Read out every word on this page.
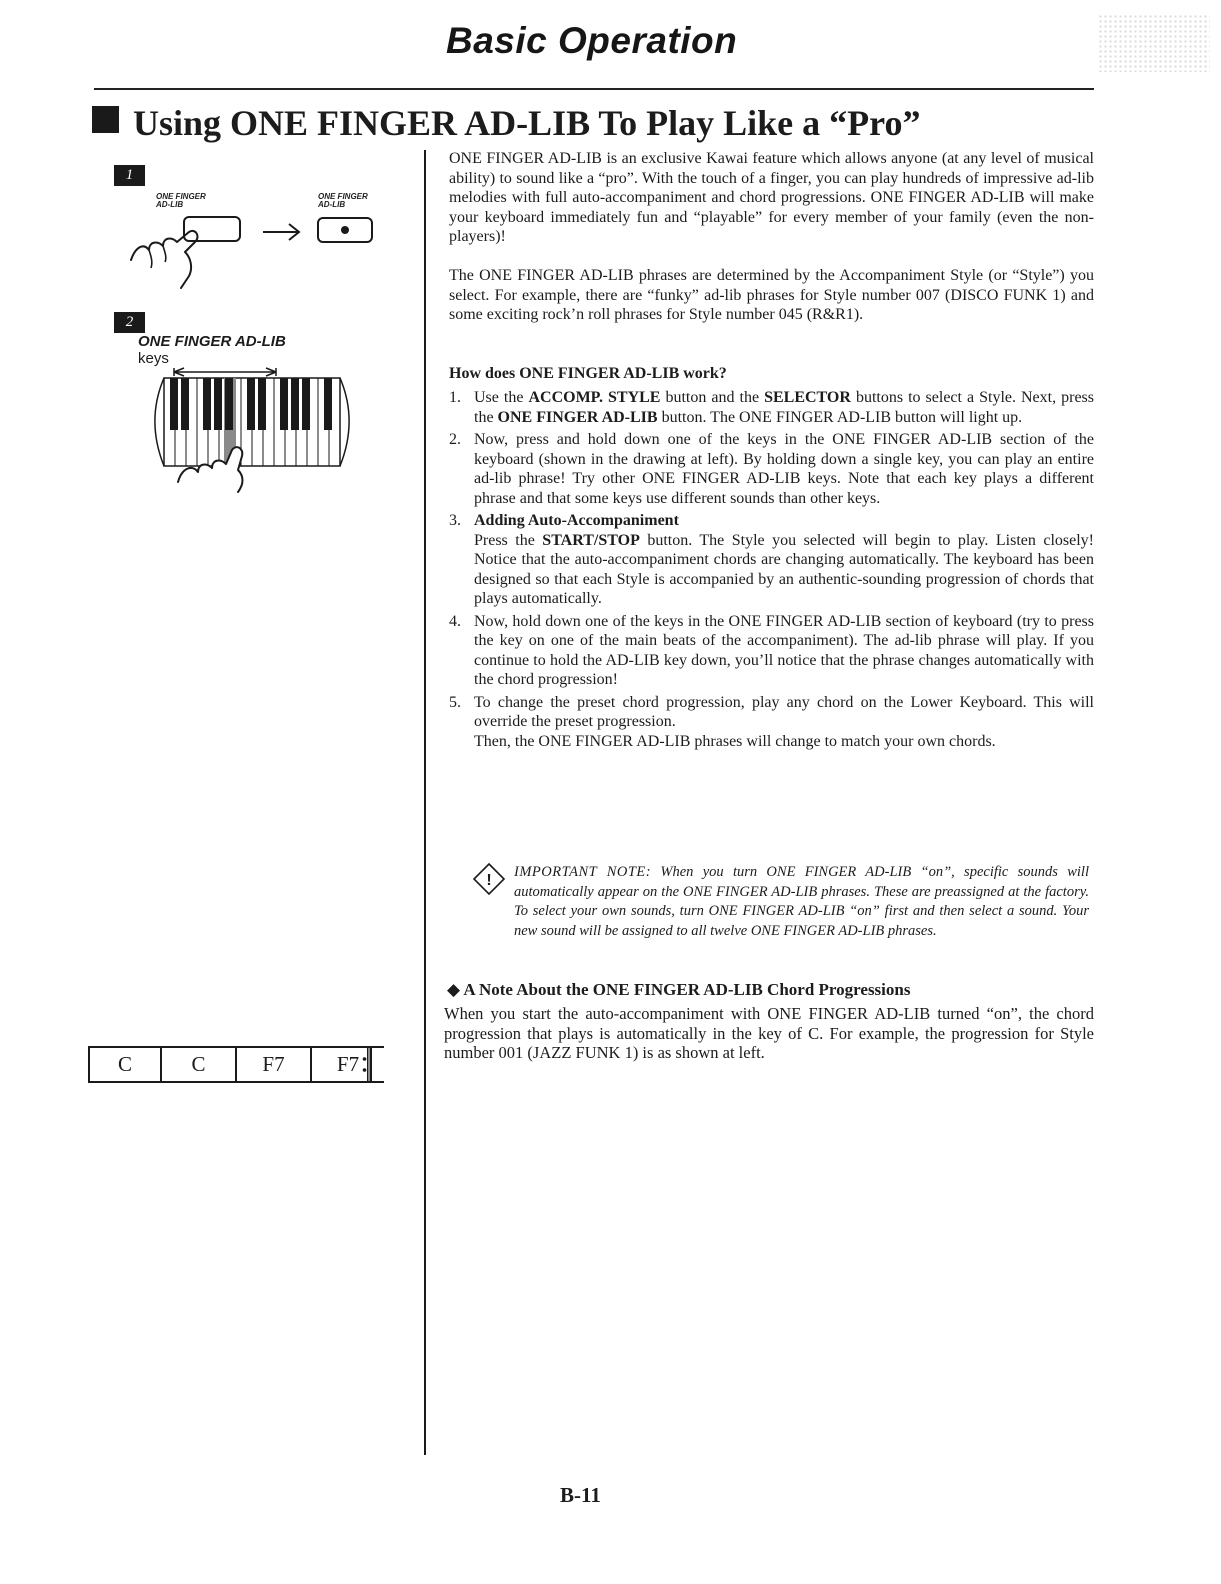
Basic Operation
Using ONE FINGER AD-LIB To Play Like a “Pro”
1
ONE FINGER
AD-LIB
ONE FINGER
AD-LIB
2
ONE FINGER AD-LIB
keys
C	C	F7	F7
ONE FINGER AD-LIB is an exclusive Kawai feature which allows anyone (at any level of musical ability) to sound like a “pro”. With the touch of a finger, you can play hundreds of impressive ad-lib melodies with full auto-accompaniment and chord progressions. ONE FINGER AD-LIB will make your keyboard immediately fun and “playable” for every member of your family (even the non-players)!
The ONE FINGER AD-LIB phrases are determined by the Accompaniment Style (or “Style”) you select. For example, there are “funky” ad-lib phrases for Style number 007 (DISCO FUNK 1) and some exciting rock’n roll phrases for Style number 045 (R&R1).
How does ONE FINGER AD-LIB work?
1. Use the ACCOMP. STYLE button and the SELECTOR buttons to select a Style. Next, press the ONE FINGER AD-LIB button. The ONE FINGER AD-LIB button will light up.
2. Now, press and hold down one of the keys in the ONE FINGER AD-LIB section of the keyboard (shown in the drawing at left). By holding down a single key, you can play an entire ad-lib phrase! Try other ONE FINGER AD-LIB keys. Note that each key plays a different phrase and that some keys use different sounds than other keys.
3. Adding Auto-Accompaniment
Press the START/STOP button. The Style you selected will begin to play. Listen closely! Notice that the auto-accompaniment chords are changing automatically. The keyboard has been designed so that each Style is accompanied by an authentic-sounding progression of chords that plays automatically.
4. Now, hold down one of the keys in the ONE FINGER AD-LIB section of keyboard (try to press the key on one of the main beats of the accompaniment). The ad-lib phrase will play. If you continue to hold the AD-LIB key down, you’ll notice that the phrase changes automatically with the chord progression!
5. To change the preset chord progression, play any chord on the Lower Keyboard. This will override the preset progression.
Then, the ONE FINGER AD-LIB phrases will change to match your own chords.
! IMPORTANT NOTE: When you turn ONE FINGER AD-LIB “on”, specific sounds will automatically appear on the ONE FINGER AD-LIB phrases. These are preassigned at the factory. To select your own sounds, turn ONE FINGER AD-LIB “on” first and then select a sound. Your new sound will be assigned to all twelve ONE FINGER AD-LIB phrases.
◆ A Note About the ONE FINGER AD-LIB Chord Progressions
When you start the auto-accompaniment with ONE FINGER AD-LIB turned “on”, the chord progression that plays is automatically in the key of C. For example, the progression for Style number 001 (JAZZ FUNK 1) is as shown at left.
B-11
